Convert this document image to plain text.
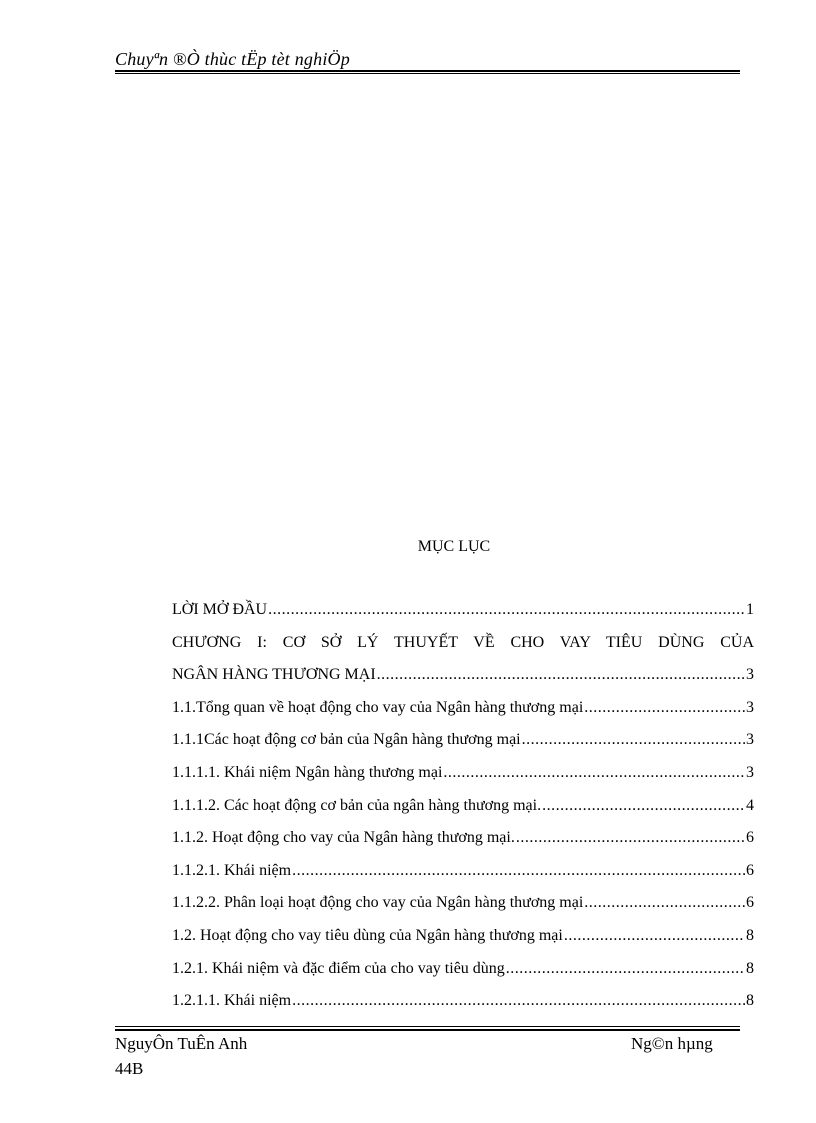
Chuyªn ®Ò thùc tËp tèt nghiÖp
MỤC LỤC
LỜI MỞ ĐẦU .....	1
CHƯƠNG I: CƠ SỞ LÝ THUYẾT VỀ CHO VAY TIÊU DÙNG CỦA
NGÂN HÀNG THƯƠNG MẠI .....	3
1.1.Tổng quan về hoạt động cho vay của Ngân hàng thương mại .....	3
1.1.1Các hoạt động cơ bản của Ngân hàng thương mại .....	3
1.1.1.1. Khái niệm Ngân hàng thương mại .....	3
1.1.1.2. Các hoạt động cơ bản của ngân hàng thương mại. .....	4
1.1.2. Hoạt động cho vay của Ngân hàng thương mại. .....	6
1.1.2.1. Khái niệm .....	6
1.1.2.2. Phân loại hoạt động cho vay của Ngân hàng thương mại .....	6
1.2. Hoạt động cho vay tiêu dùng của Ngân hàng thương mại .....	8
1.2.1. Khái niệm và đặc điểm của cho vay tiêu dùng .....	8
1.2.1.1. Khái niệm .....	8
NguyÔn TuÊn Anh	Ng©n hµng
44B
